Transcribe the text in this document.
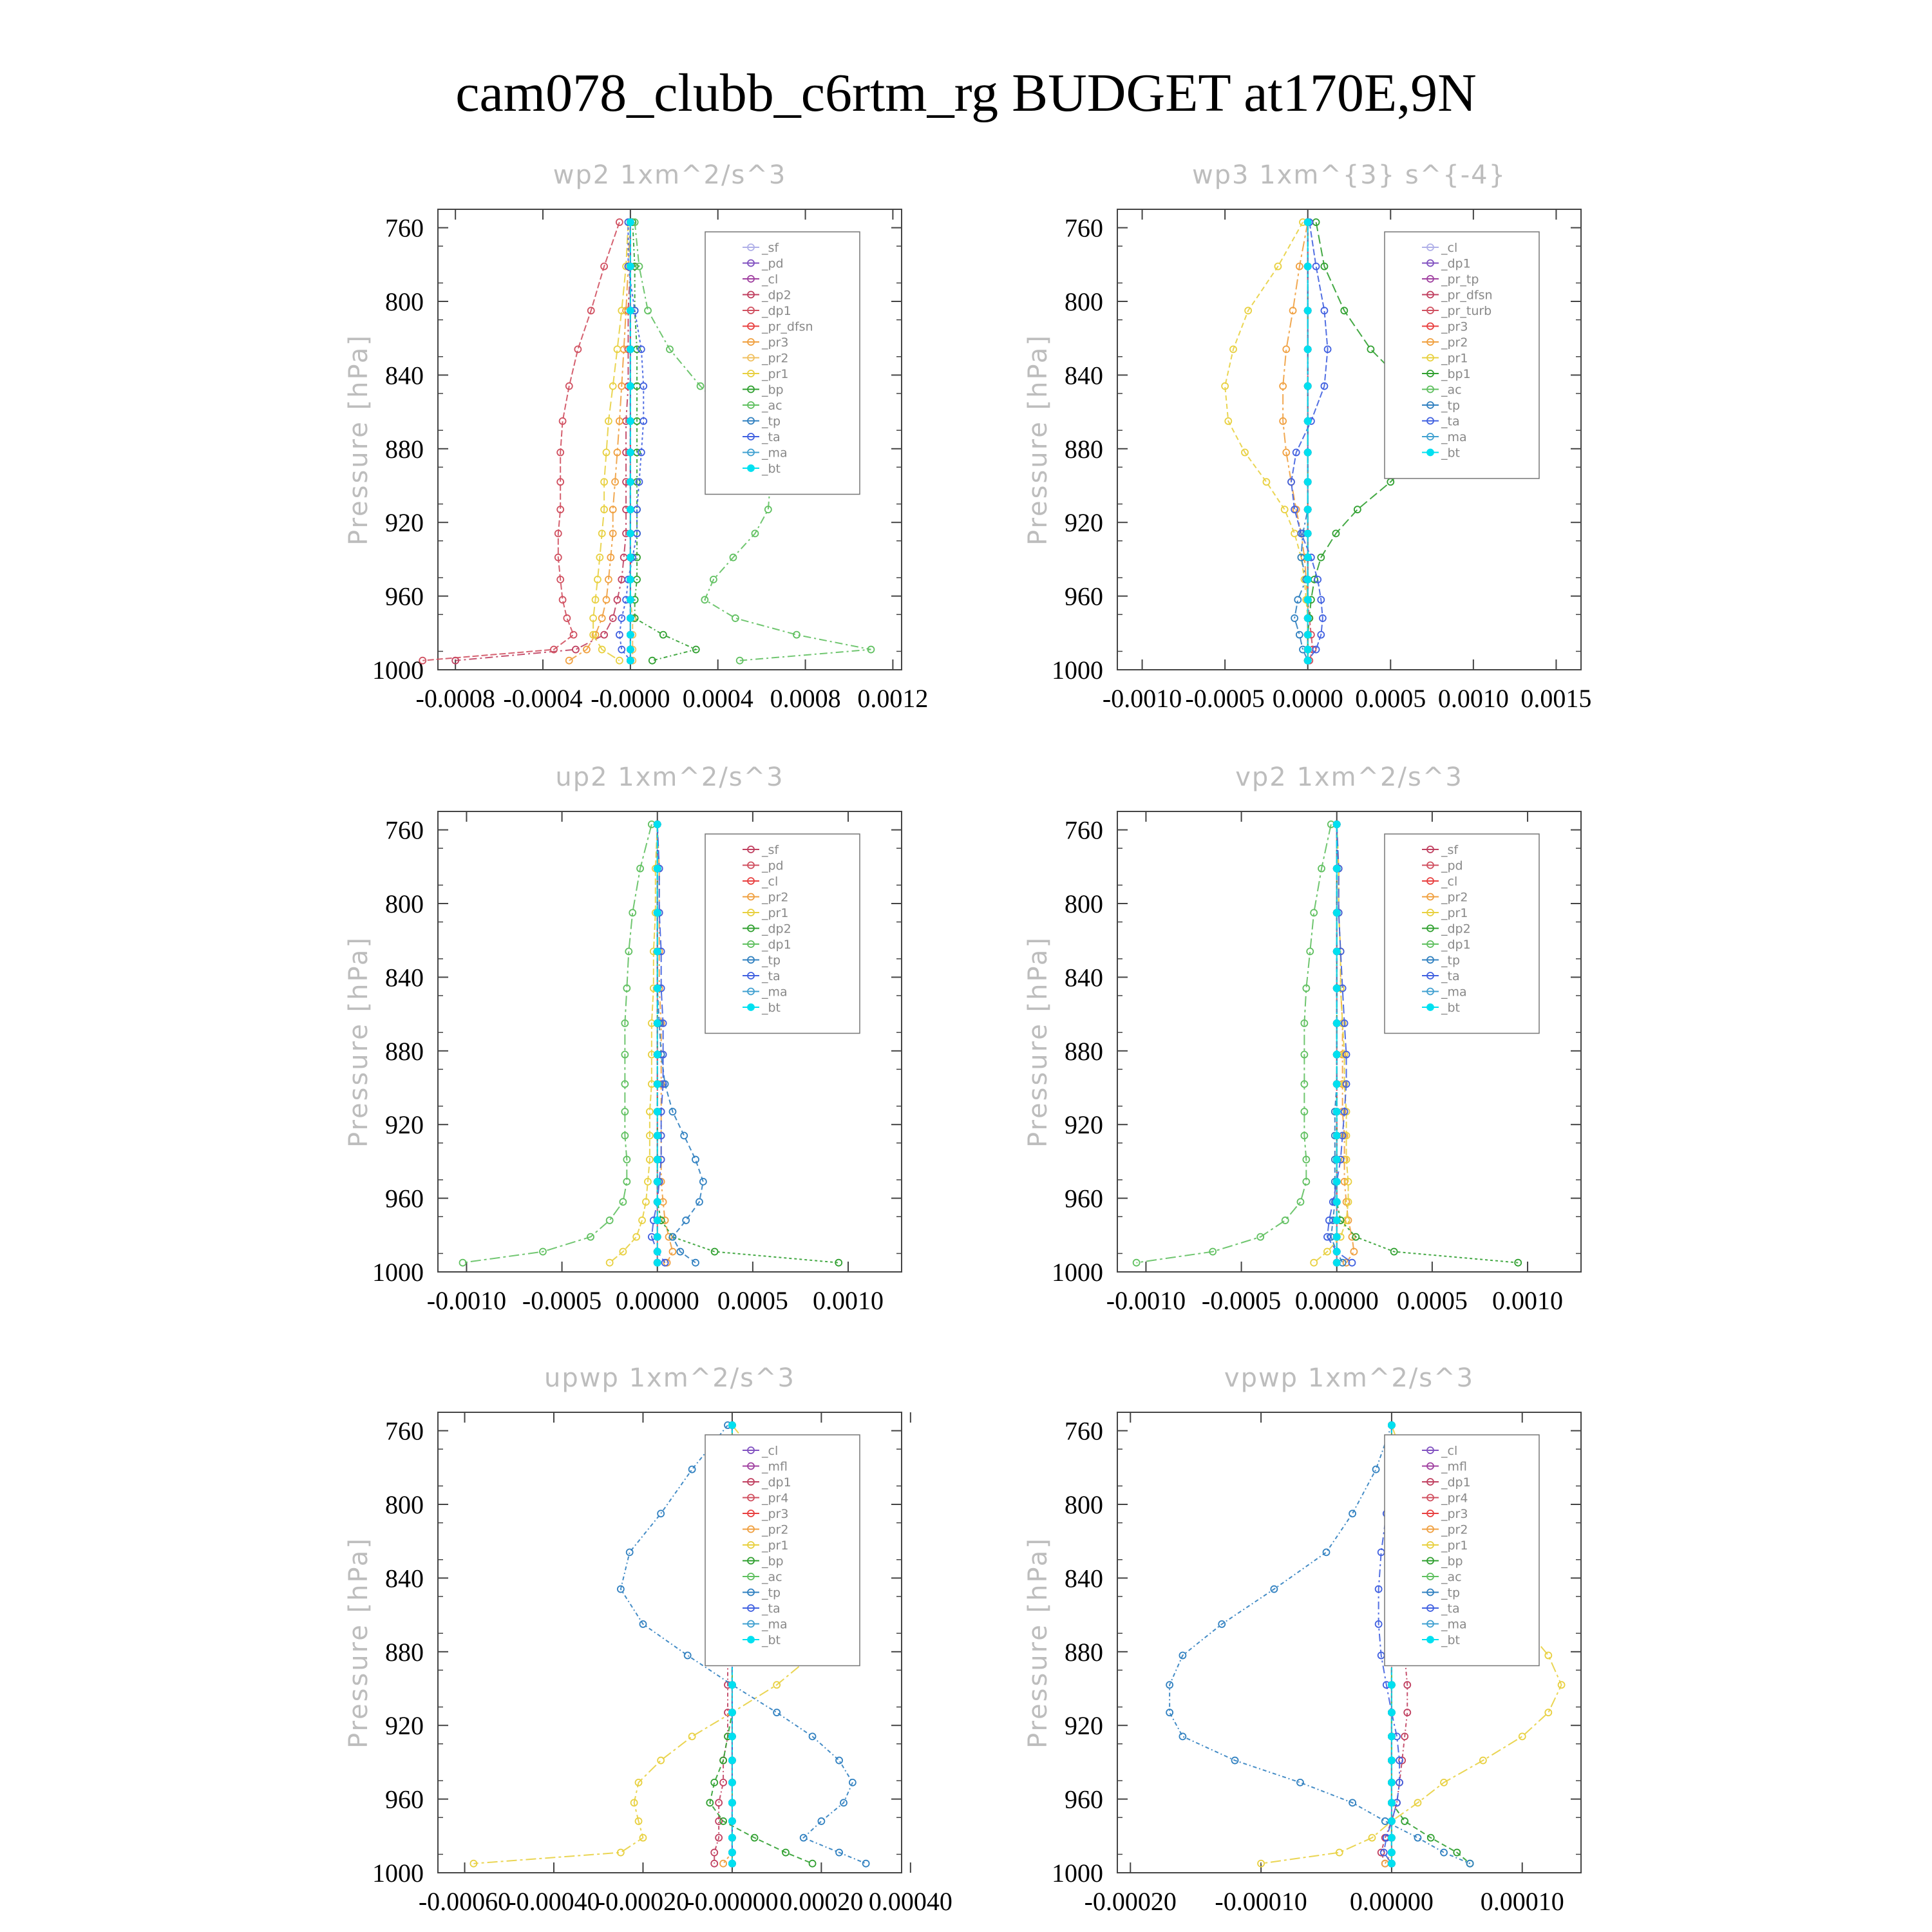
cam078_clubb_c6rtm_rg BUDGET at170E,9N
wp2 1xm^2/s^3
Pressure [hPa]
760
800
840
880
920
960
1000
-0.0008 -0.0004 -0.0000 0.0004 0.0008 0.0012
_sf
_pd
_cl
_dp2
_dp1
_pr_dfsn
_pr3
_pr2
_pr1
_bp
_ac
_tp
_ta
_ma
_bt
wp3 1xm^{3} s^{-4}
Pressure [hPa]
760
800
840
880
920
960
1000
-0.0010 -0.0005 0.0000 0.0005 0.0010 0.0015
_cl
_dp1
_pr_tp
_pr_dfsn
_pr_turb
_pr3
_pr2
_pr1
_bp1
_ac
_tp
_ta
_ma
_bt
up2 1xm^2/s^3
Pressure [hPa]
760
800
840
880
920
960
1000
-0.0010 -0.0005 0.00000 0.0005 0.0010
_sf
_pd
_cl
_pr2
_pr1
_dp2
_dp1
_tp
_ta
_ma
_bt
vp2 1xm^2/s^3
Pressure [hPa]
760
800
840
880
920
960
1000
-0.0010 -0.0005 0.00000 0.0005 0.0010
_sf
_pd
_cl
_pr2
_pr1
_dp2
_dp1
_tp
_ta
_ma
_bt
upwp 1xm^2/s^3
Pressure [hPa]
760
800
840
880
920
960
1000
-0.00060
-0.00040
-0.00020
-0.00000 0.00020 0.00040
_cl
_mfl
_dp1
_pr4
_pr3
_pr2
_pr1
_bp
_ac
_tp
_ta
_ma
_bt
vpwp 1xm^2/s^3
Pressure [hPa]
760
800
840
880
920
960
1000
-0.00020 -0.00010 0.00000 0.00010
_cl
_mfl
_dp1
_pr4
_pr3
_pr2
_pr1
_bp
_ac
_tp
_ta
_ma
_bt
